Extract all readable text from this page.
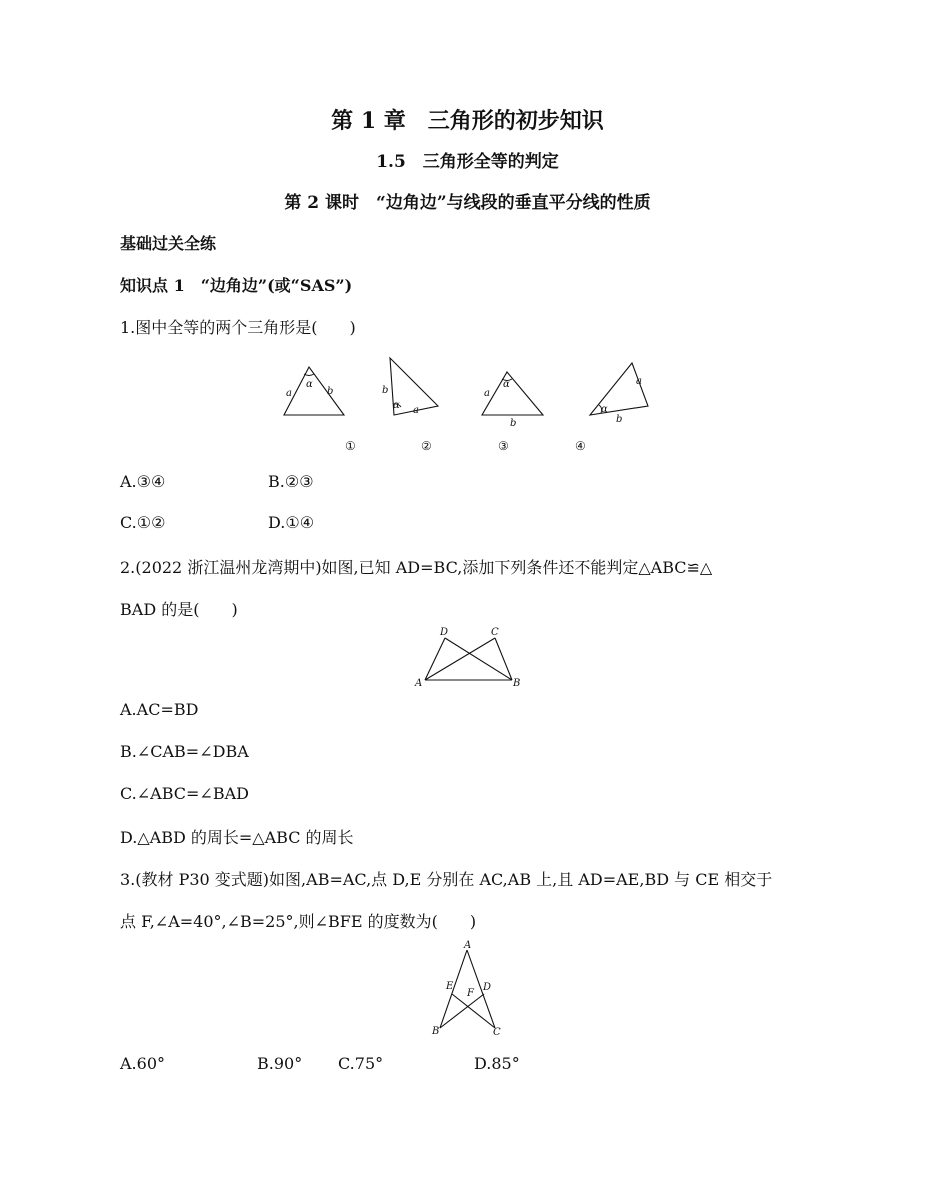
第 1 章　三角形的初步知识
1.5　三角形全等的判定
第 2 课时　“边角边”与线段的垂直平分线的性质
基础过关全练
知识点 1　“边角边”(或“SAS”)
1.图中全等的两个三角形是(　　)
α
a	b
①
α
b
a
②
α
a
b
③
α
a
b
④
A.③④	B.②③
C.①②	D.①④
2.(2022 浙江温州龙湾期中)如图,已知 AD=BC,添加下列条件还不能判定△ABC≌△
BAD 的是(　　)
A	B
C
D
A.AC=BD
B.∠CAB=∠DBA
C.∠ABC=∠BAD
D.△ABD 的周长=△ABC 的周长
3.(教材 P30 变式题)如图,AB=AC,点 D,E 分别在 AC,AB 上,且 AD=AE,BD 与 CE 相交于
点 F,∠A=40°,∠B=25°,则∠BFE 的度数为(　　)
A
B	C
D
E
F
A.60°	B.90° C.75°	D.85°
